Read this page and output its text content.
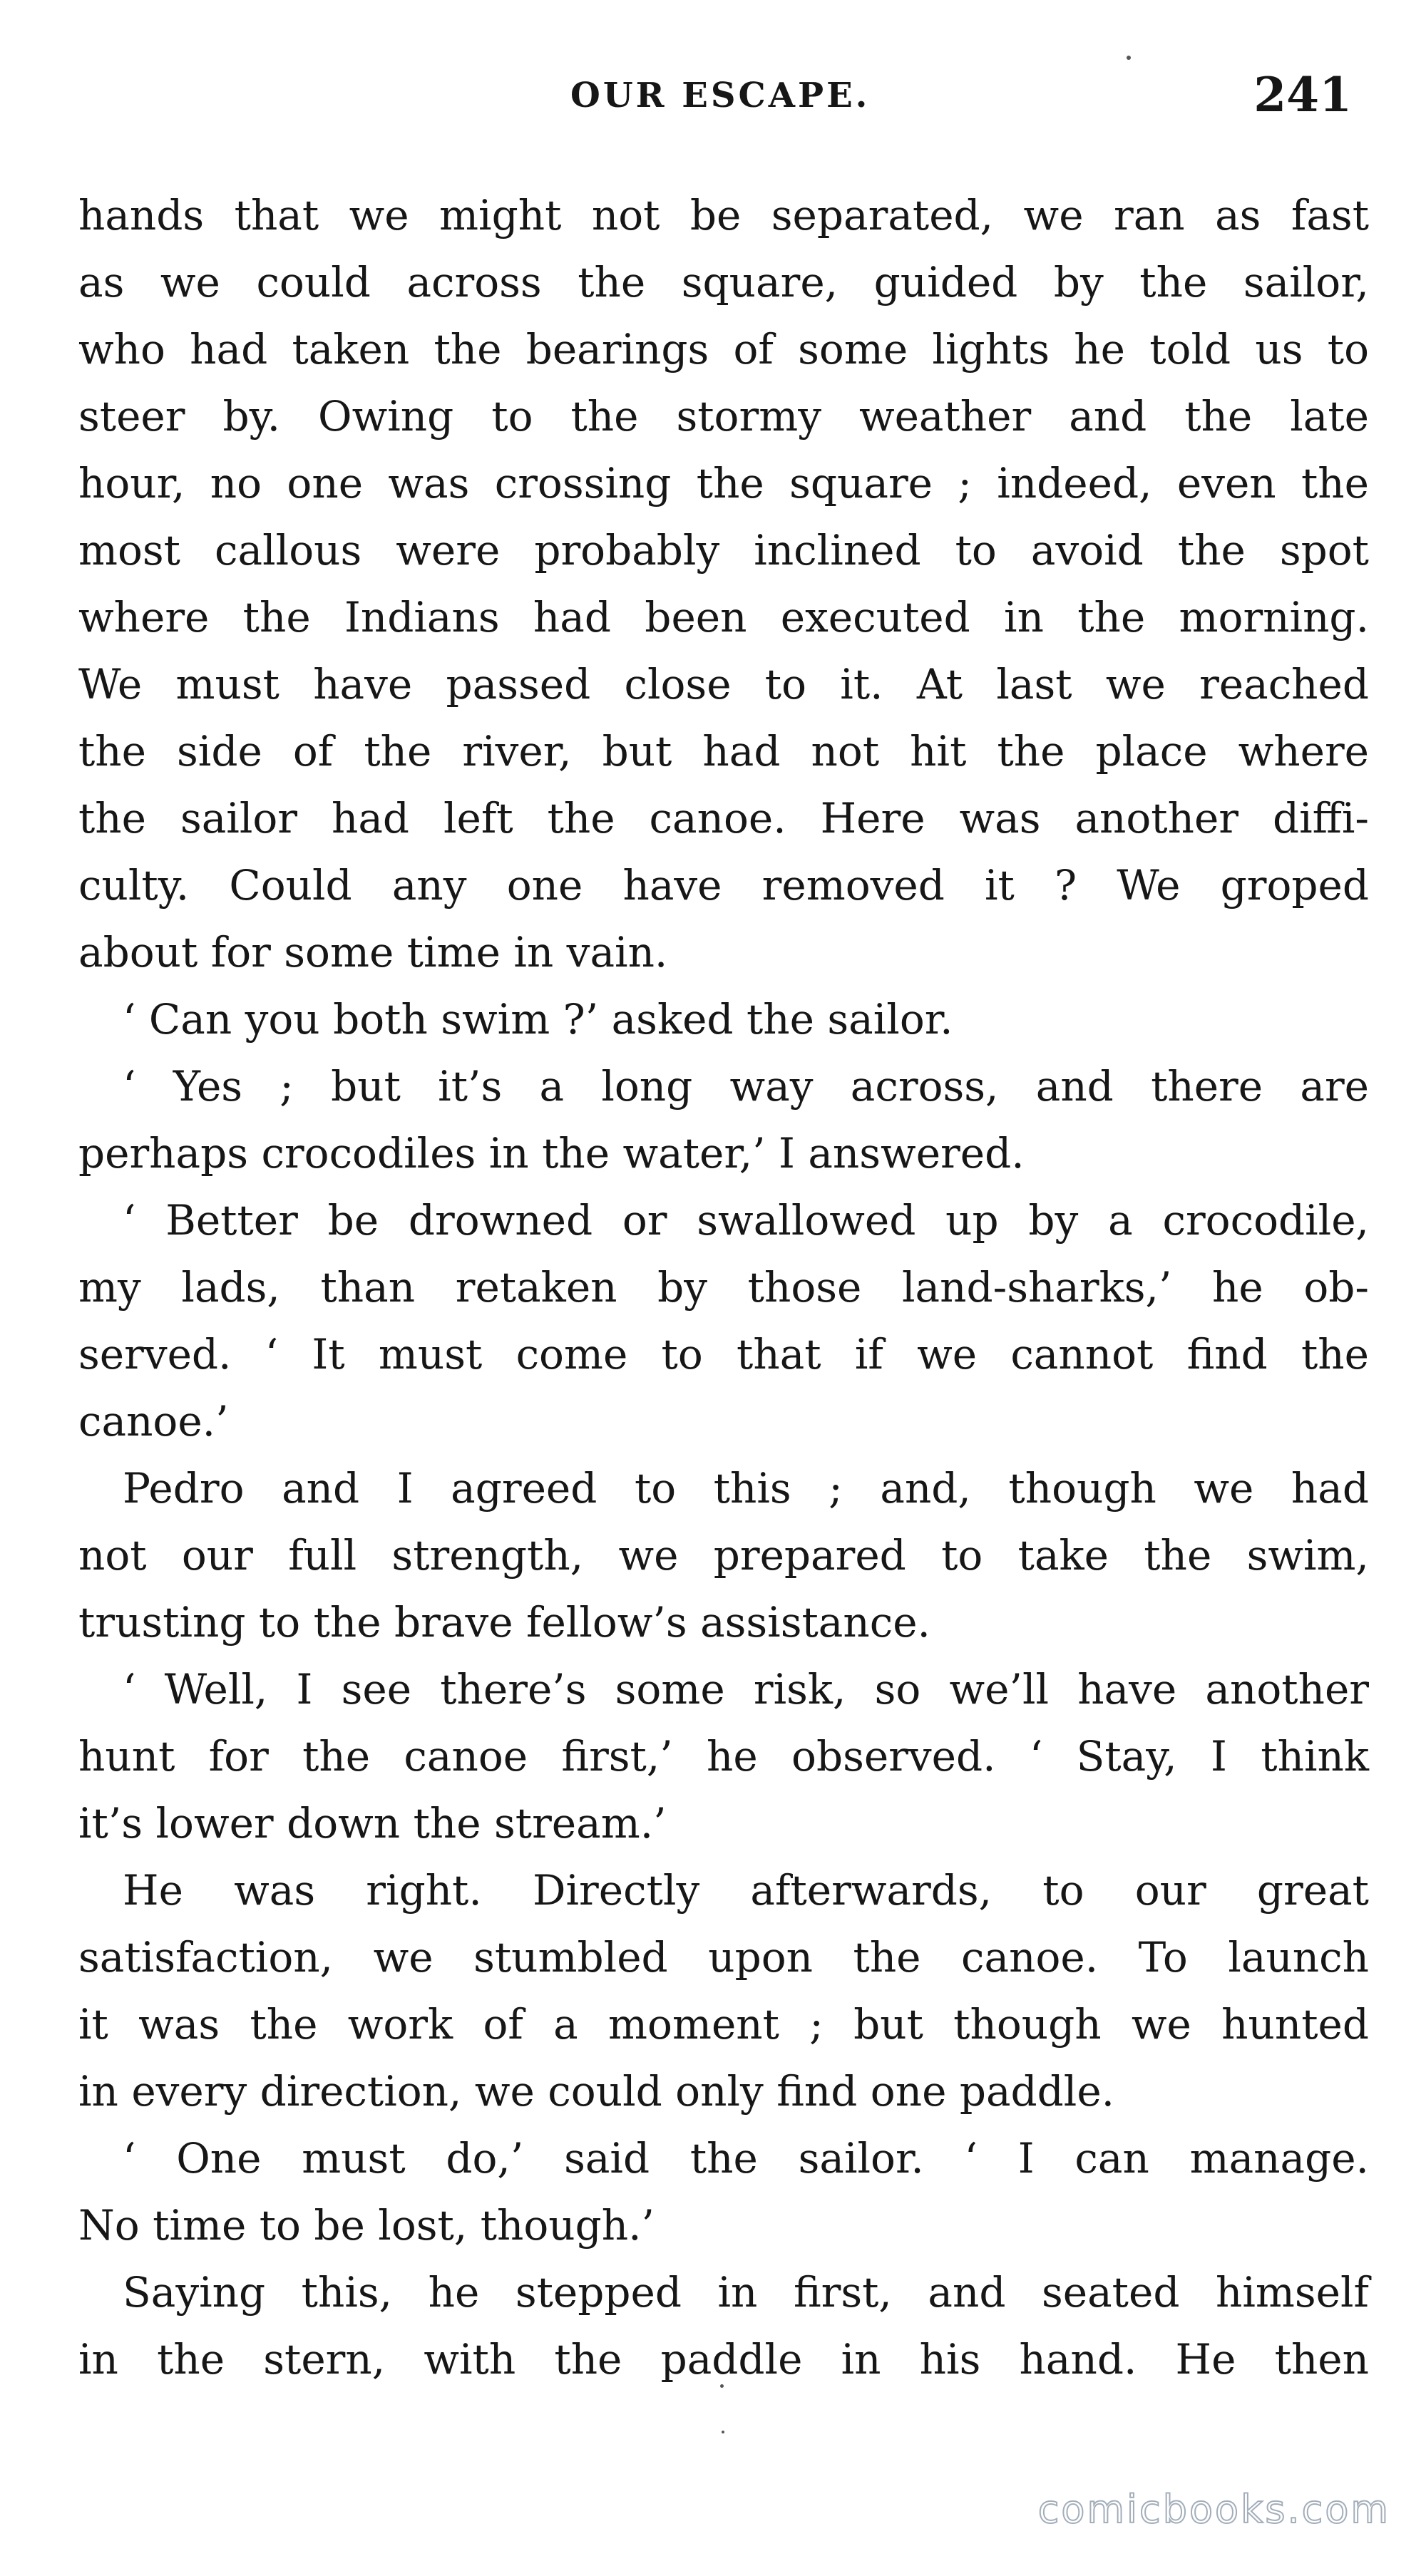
OUR ESCAPE.	241
hands that we might not be separated, we ran as fast
as we could across the square, guided by the sailor,
who had taken the bearings of some lights he told us to
steer by. Owing to the stormy weather and the late
hour, no one was crossing the square ; indeed, even the
most callous were probably inclined to avoid the spot
where the Indians had been executed in the morning.
We must have passed close to it. At last we reached
the side of the river, but had not hit the place where
the sailor had left the canoe. Here was another diffi-
culty. Could any one have removed it ? We groped
about for some time in vain.
‘ Can you both swim ?’ asked the sailor.
‘ Yes ; but it’s a long way across, and there are
perhaps crocodiles in the water,’ I answered.
‘ Better be drowned or swallowed up by a crocodile,
my lads, than retaken by those land-sharks,’ he ob-
served. ‘ It must come to that if we cannot find the
canoe.’
Pedro and I agreed to this ; and, though we had
not our full strength, we prepared to take the swim,
trusting to the brave fellow’s assistance.
‘ Well, I see there’s some risk, so we’ll have another
hunt for the canoe first,’ he observed. ‘ Stay, I think
it’s lower down the stream.’
He was right. Directly afterwards, to our great
satisfaction, we stumbled upon the canoe. To launch
it was the work of a moment ; but though we hunted
in every direction, we could only find one paddle.
‘ One must do,’ said the sailor. ‘ I can manage.
No time to be lost, though.’
Saying this, he stepped in first, and seated himself
in the stern, with the paddle in his hand. He then
comicbooks.com
